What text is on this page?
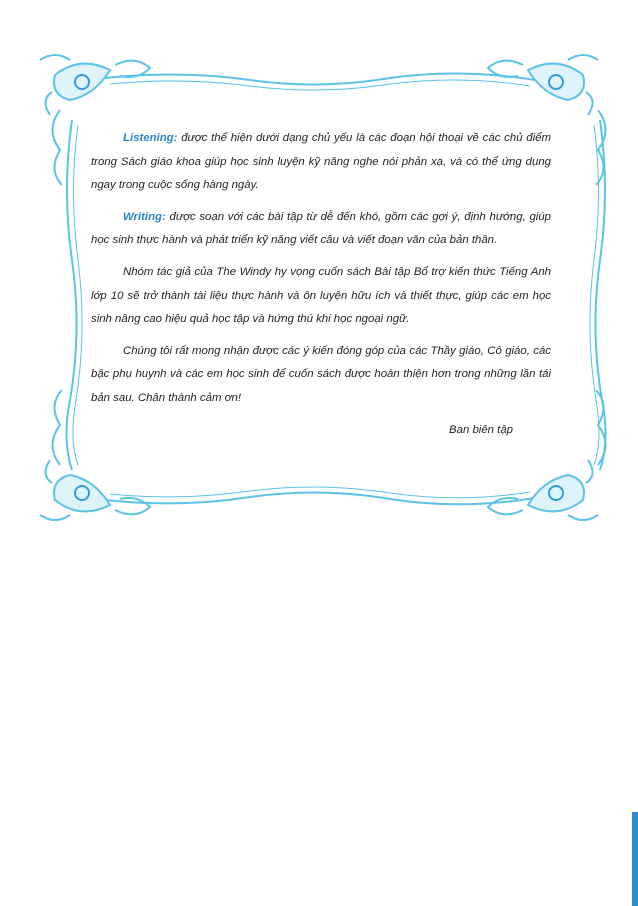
Listening: được thể hiện dưới dạng chủ yếu là các đoạn hội thoại về các chủ điểm trong Sách giáo khoa giúp học sinh luyện kỹ năng nghe nói phản xạ, và có thể ứng dụng ngay trong cuộc sống hàng ngày.

Writing: được soạn với các bài tập từ dễ đến khó, gồm các gợi ý, định hướng, giúp học sinh thực hành và phát triển kỹ năng viết câu và viết đoạn văn của bản thân.

Nhóm tác giả của The Windy hy vọng cuốn sách Bài tập Bổ trợ kiến thức Tiếng Anh lớp 10 sẽ trở thành tài liệu thực hành và ôn luyện hữu ích và thiết thực, giúp các em học sinh nâng cao hiệu quả học tập và hứng thú khi học ngoại ngữ.

Chúng tôi rất mong nhận được các ý kiến đóng góp của các Thầy giáo, Cô giáo, các bậc phụ huynh và các em học sinh để cuốn sách được hoàn thiện hơn trong những lần tái bản sau. Chân thành cảm ơn!

Ban biên tập
